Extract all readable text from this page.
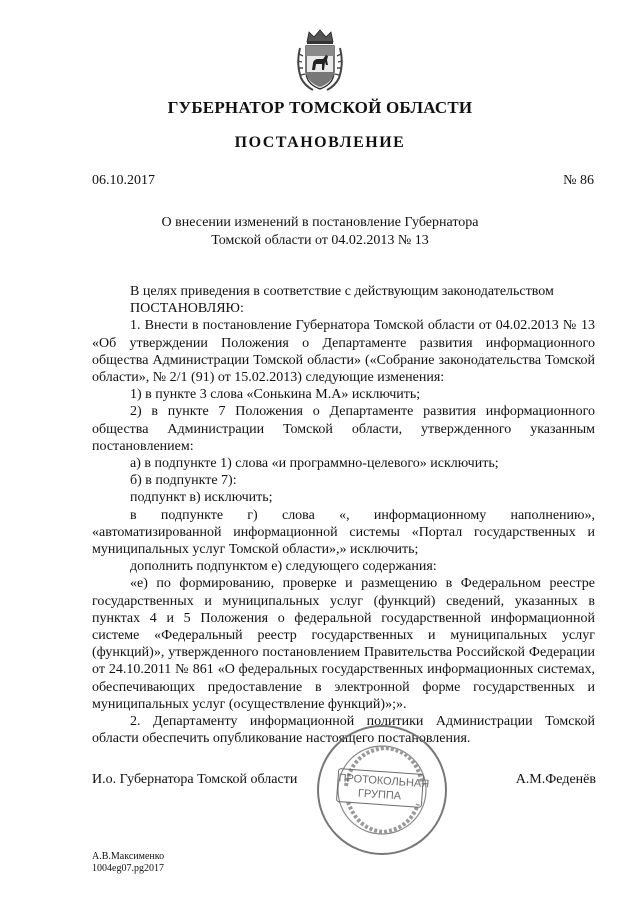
ГУБЕРНАТОР ТОМСКОЙ ОБЛАСТИ
ПОСТАНОВЛЕНИЕ
06.10.2017	№ 86
О внесении изменений в постановление Губернатора
Томской области от 04.02.2013 № 13
В целях приведения в соответствие с действующим законодательством
ПОСТАНОВЛЯЮ:
1. Внести в постановление Губернатора Томской области от 04.02.2013 № 13 «Об утверждении Положения о Департаменте развития информационного общества Администрации Томской области» («Собрание законодательства Томской области», № 2/1 (91) от 15.02.2013) следующие изменения:
1) в пункте 3 слова «Сонькина М.А» исключить;
2) в пункте 7 Положения о Департаменте развития информационного общества Администрации Томской области, утвержденного указанным постановлением:
а) в подпункте 1) слова «и программно-целевого» исключить;
б) в подпункте 7):
подпункт в) исключить;
в подпункте г) слова «, информационному наполнению», «автоматизированной информационной системы «Портал государственных и муниципальных услуг Томской области»,» исключить;
дополнить подпунктом е) следующего содержания:
«е) по формированию, проверке и размещению в Федеральном реестре государственных и муниципальных услуг (функций) сведений, указанных в пунктах 4 и 5 Положения о федеральной государственной информационной системе «Федеральный реестр государственных и муниципальных услуг (функций)», утвержденного постановлением Правительства Российской Федерации от 24.10.2011 № 861 «О федеральных государственных информационных системах, обеспечивающих предоставление в электронной форме государственных и муниципальных услуг (осуществление функций)»;».
2. Департаменту информационной политики Администрации Томской области обеспечить опубликование настоящего постановления.
И.о. Губернатора Томской области	А.М.Феденёв
ПРОТОКОЛЬНАЯ
ГРУППА
А.В.Максименко
1004eg07.pg2017
